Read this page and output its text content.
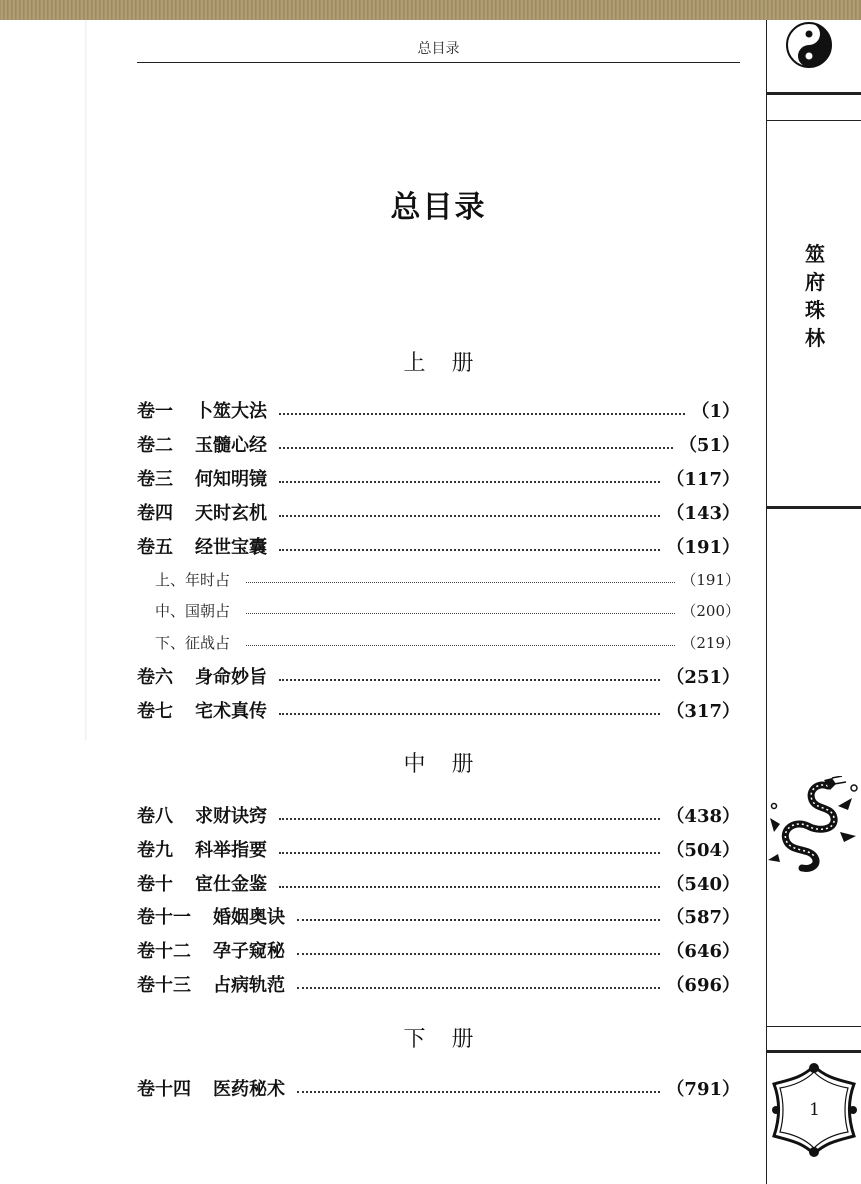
总目录
总目录
上 册
卷一 卜筮大法	（1）
卷二 玉髓心经	（51）
卷三 何知明镜	（117）
卷四 天时玄机	（143）
卷五 经世宝囊	（191）
上、年时占	（191）
中、国朝占	（200）
下、征战占	（219）
卷六 身命妙旨	（251）
卷七 宅术真传	（317）
中 册
卷八 求财诀窍	（438）
卷九 科举指要	（504）
卷十 宦仕金鉴	（540）
卷十一 婚姻奥诀	（587）
卷十二 孕子窥秘	（646）
卷十三 占病轨范	（696）
下 册
卷十四 医药秘术	（791）
筮
府
珠
林
1
